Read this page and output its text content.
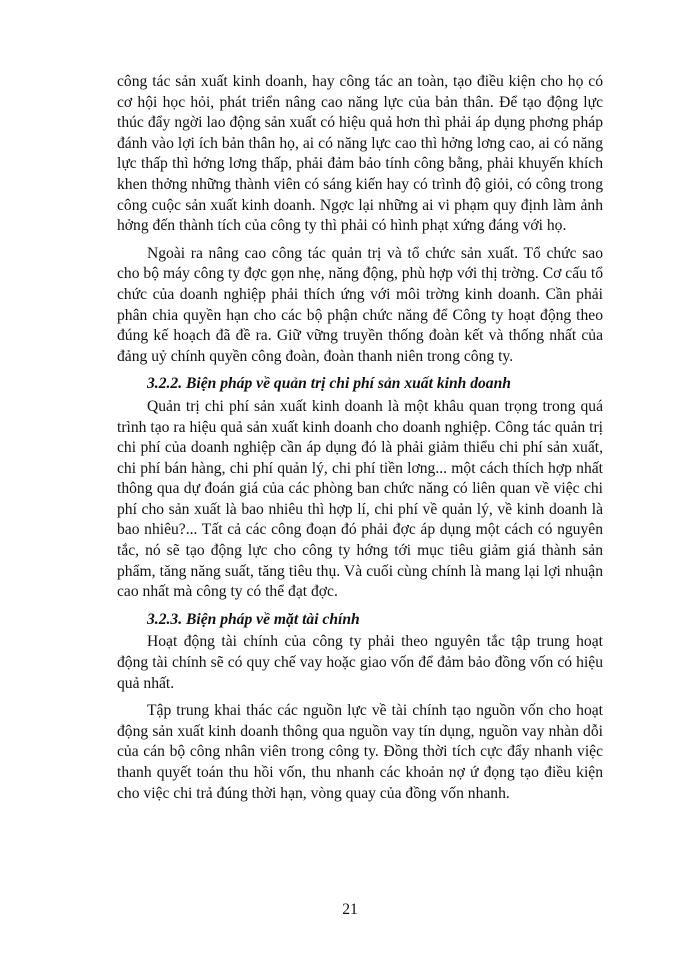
công tác sản xuất kinh doanh, hay công tác an toàn, tạo điều kiện cho họ có cơ hội học hỏi, phát triển nâng cao năng lực của bản thân. Để tạo động lực thúc đẩy ngời lao động sản xuất có hiệu quả hơn thì phải áp dụng phơng pháp đánh vào lợi ích bản thân họ, ai có năng lực cao thì hởng lơng cao, ai có năng lực thấp thì hởng lơng thấp, phải đảm bảo tính công bằng, phải khuyến khích khen thởng những thành viên có sáng kiến hay có trình độ giỏi, có công trong công cuộc sản xuất kinh doanh. Ngợc lại những ai vi phạm quy định làm ảnh hởng đến thành tích của công ty thì phải có hình phạt xứng đáng với họ.

Ngoài ra nâng cao công tác quản trị và tổ chức sản xuất. Tổ chức sao cho bộ máy công ty đợc gọn nhẹ, năng động, phù hợp với thị trờng. Cơ cấu tổ chức của doanh nghiệp phải thích ứng với môi trờng kinh doanh. Cần phải phân chia quyền hạn cho các bộ phận chức năng để Công ty hoạt động theo đúng kế hoạch đã đề ra. Giữ vững truyền thống đoàn kết và thống nhất của đảng uỷ chính quyền công đoàn, đoàn thanh niên trong công ty.

3.2.2. Biện pháp về quản trị chi phí sản xuất kinh doanh

Quản trị chi phí sản xuất kinh doanh là một khâu quan trọng trong quá trình tạo ra hiệu quả sản xuất kinh doanh cho doanh nghiệp. Công tác quản trị chi phí của doanh nghiệp cần áp dụng đó là phải giảm thiểu chi phí sản xuất, chi phí bán hàng, chi phí quản lý, chi phí tiền lơng... một cách thích hợp nhất thông qua dự đoán giá của các phòng ban chức năng có liên quan về việc chi phí cho sản xuất là bao nhiêu thì hợp lí, chi phí về quản lý, về kinh doanh là bao nhiêu?... Tất cả các công đoạn đó phải đợc áp dụng một cách có nguyên tắc, nó sẽ tạo động lực cho công ty hớng tới mục tiêu giảm giá thành sản phẩm, tăng năng suất, tăng tiêu thụ. Và cuối cùng chính là mang lại lợi nhuận cao nhất mà công ty có thể đạt đợc.

3.2.3. Biện pháp về mặt tài chính

Hoạt động tài chính của công ty phải theo nguyên tắc tập trung hoạt động tài chính sẽ có quy chế vay hoặc giao vốn để đảm bảo đồng vốn có hiệu quả nhất.

Tập trung khai thác các nguồn lực về tài chính tạo nguồn vốn cho hoạt động sản xuất kinh doanh thông qua nguồn vay tín dụng, nguồn vay nhàn dỗi của cán bộ công nhân viên trong công ty. Đồng thời tích cực đẩy nhanh việc thanh quyết toán thu hồi vốn, thu nhanh các khoản nợ ứ đọng tạo điều kiện cho việc chi trả đúng thời hạn, vòng quay của đồng vốn nhanh.

21
